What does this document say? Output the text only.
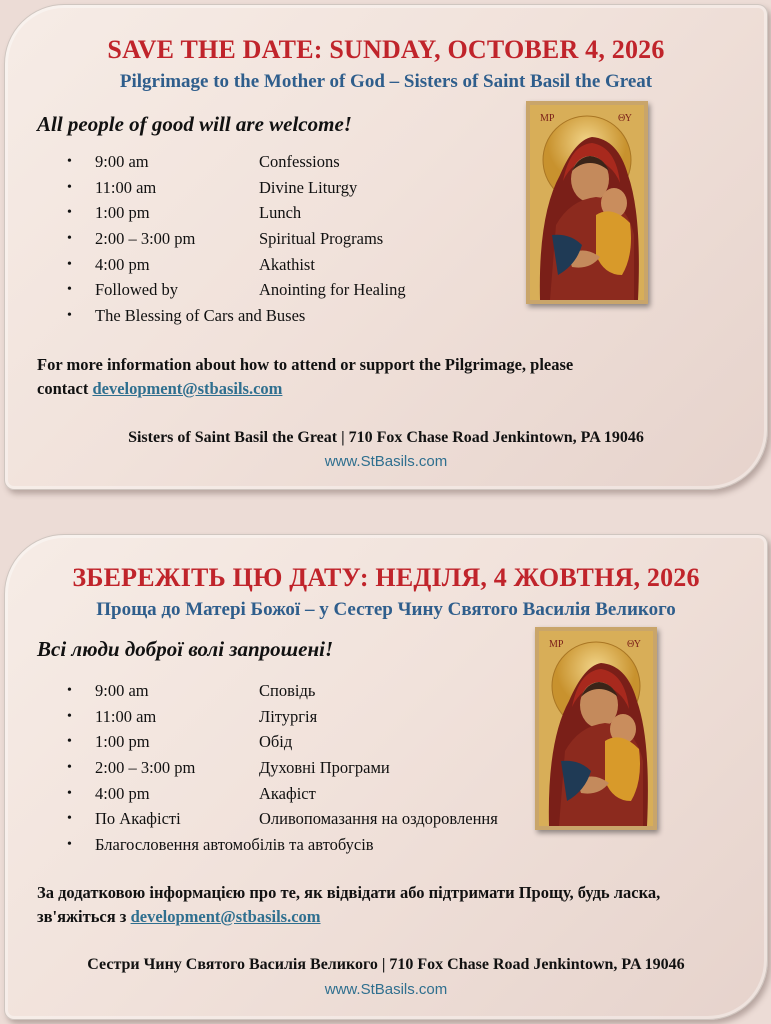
SAVE THE DATE: SUNDAY, OCTOBER 4, 2026
Pilgrimage to the Mother of God – Sisters of Saint Basil the Great
All people of good will are welcome!
• 9:00 am	Confessions
• 11:00 am	Divine Liturgy
• 1:00 pm	Lunch
• 2:00 – 3:00 pm	Spiritual Programs
• 4:00 pm	Akathist
• Followed by	Anointing for Healing
• The Blessing of Cars and Buses
For more information about how to attend or support the Pilgrimage, please
contact development@stbasils.com
Sisters of Saint Basil the Great | 710 Fox Chase Road Jenkintown, PA 19046
www.StBasils.com
ΜΡ	ΘΥ
ЗБЕРЕЖІТЬ ЦЮ ДАТУ: НЕДІЛЯ, 4 ЖОВТНЯ, 2026
Проща до Матері Божої – у Сестер Чину Святого Василія Великого
Всі люди доброї волі запрошені!
• 9:00 am	Сповідь
• 11:00 am	Літургія
• 1:00 pm	Обід
• 2:00 – 3:00 pm	Духовні Програми
• 4:00 pm	Акафіст
• По Акафісті	Оливопомазання на оздоровлення
• Благословення автомобілів та автобусів
За додатковою інформацією про те, як відвідати або підтримати Прощу, будь ласка,
зв'яжіться з development@stbasils.com
Сестри Чину Святого Василія Великого | 710 Fox Chase Road Jenkintown, PA 19046
www.StBasils.com
ΜΡ	ΘΥ
